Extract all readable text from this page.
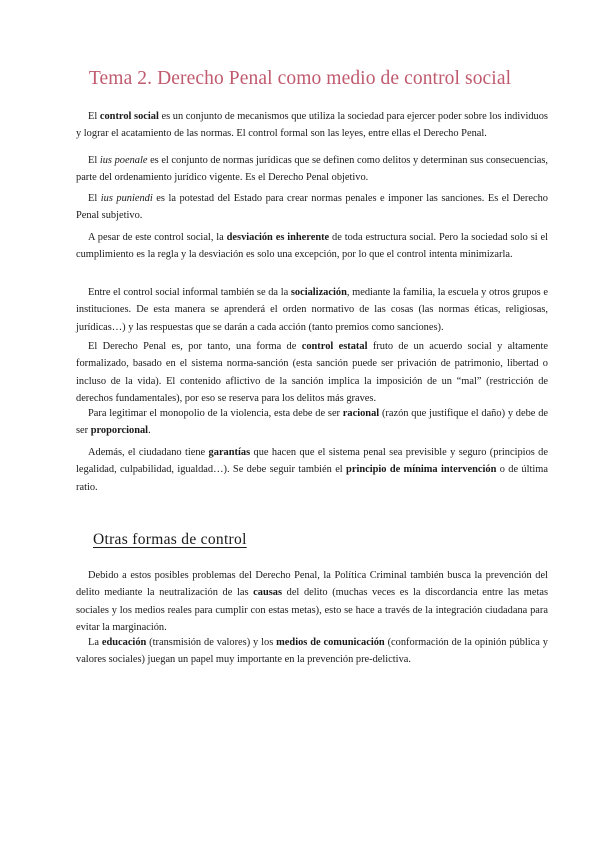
Tema 2. Derecho Penal como medio de control social

El control social es un conjunto de mecanismos que utiliza la sociedad para ejercer poder sobre los individuos y lograr el acatamiento de las normas. El control formal son las leyes, entre ellas el Derecho Penal.

El ius poenale es el conjunto de normas jurídicas que se definen como delitos y determinan sus consecuencias, parte del ordenamiento jurídico vigente. Es el Derecho Penal objetivo.

El ius puniendi es la potestad del Estado para crear normas penales e imponer las sanciones. Es el Derecho Penal subjetivo.

A pesar de este control social, la desviación es inherente de toda estructura social. Pero la sociedad solo si el cumplimiento es la regla y la desviación es solo una excepción, por lo que el control intenta minimizarla.

Entre el control social informal también se da la socialización, mediante la familia, la escuela y otros grupos e instituciones. De esta manera se aprenderá el orden normativo de las cosas (las normas éticas, religiosas, jurídicas…) y las respuestas que se darán a cada acción (tanto premios como sanciones).

El Derecho Penal es, por tanto, una forma de control estatal fruto de un acuerdo social y altamente formalizado, basado en el sistema norma-sanción (esta sanción puede ser privación de patrimonio, libertad o incluso de la vida). El contenido aflictivo de la sanción implica la imposición de un “mal” (restricción de derechos fundamentales), por eso se reserva para los delitos más graves.

Para legitimar el monopolio de la violencia, esta debe de ser racional (razón que justifique el daño) y debe de ser proporcional.

Además, el ciudadano tiene garantías que hacen que el sistema penal sea previsible y seguro (principios de legalidad, culpabilidad, igualdad…). Se debe seguir también el principio de mínima intervención o de última ratio.

Otras formas de control

Debido a estos posibles problemas del Derecho Penal, la Política Criminal también busca la prevención del delito mediante la neutralización de las causas del delito (muchas veces es la discordancia entre las metas sociales y los medios reales para cumplir con estas metas), esto se hace a través de la integración ciudadana para evitar la marginación.

La educación (transmisión de valores) y los medios de comunicación (conformación de la opinión pública y valores sociales) juegan un papel muy importante en la prevención pre-delictiva.
